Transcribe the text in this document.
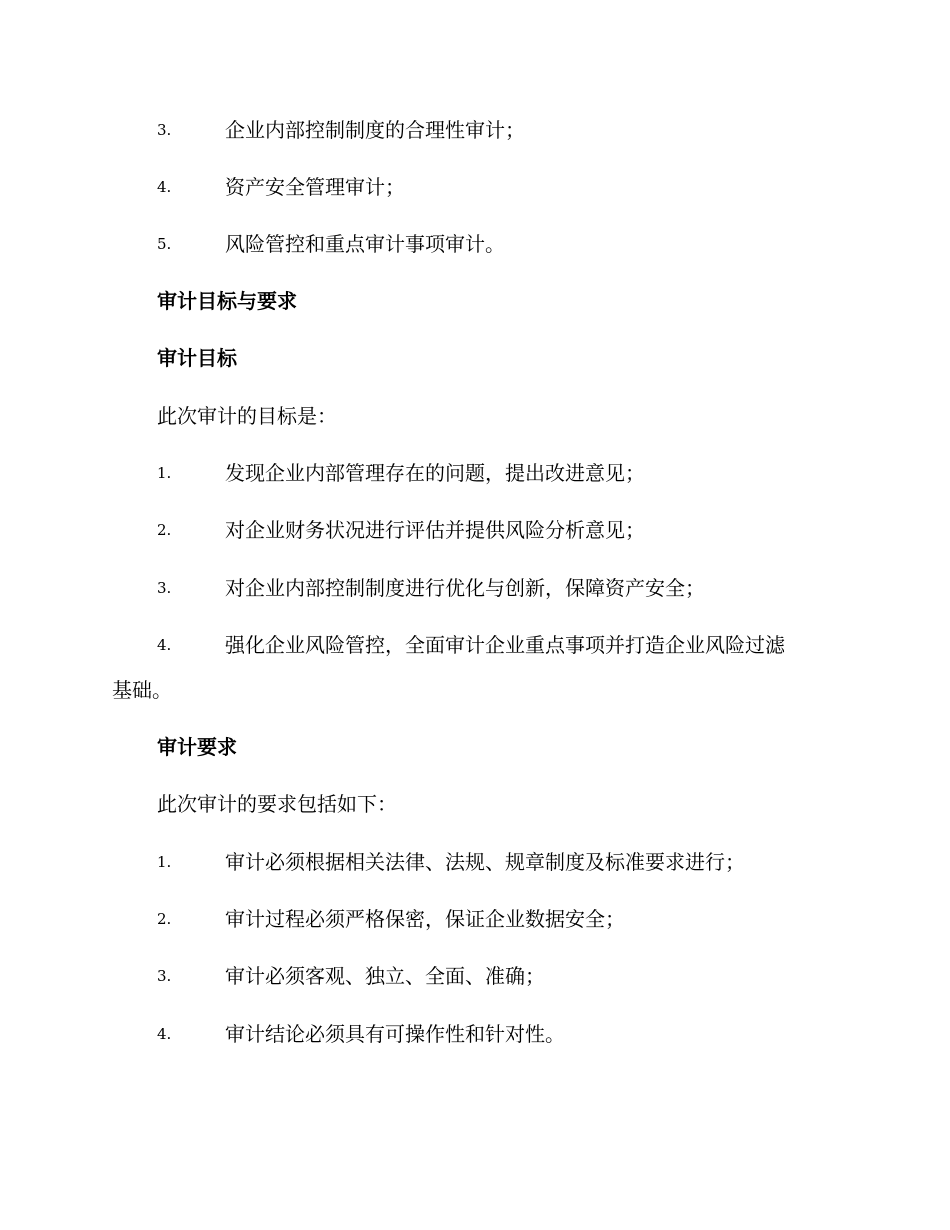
3.	企业内部控制制度的合理性审计；
4.	资产安全管理审计；
5.	风险管控和重点审计事项审计。
审计目标与要求
审计目标
此次审计的目标是：
1.	发现企业内部管理存在的问题，提出改进意见；
2.	对企业财务状况进行评估并提供风险分析意见；
3.	对企业内部控制制度进行优化与创新，保障资产安全；
4.	强化企业风险管控，全面审计企业重点事项并打造企业风险过滤
基础。
审计要求
此次审计的要求包括如下：
1.	审计必须根据相关法律、法规、规章制度及标准要求进行；
2.	审计过程必须严格保密，保证企业数据安全；
3.	审计必须客观、独立、全面、准确；
4.	审计结论必须具有可操作性和针对性。
